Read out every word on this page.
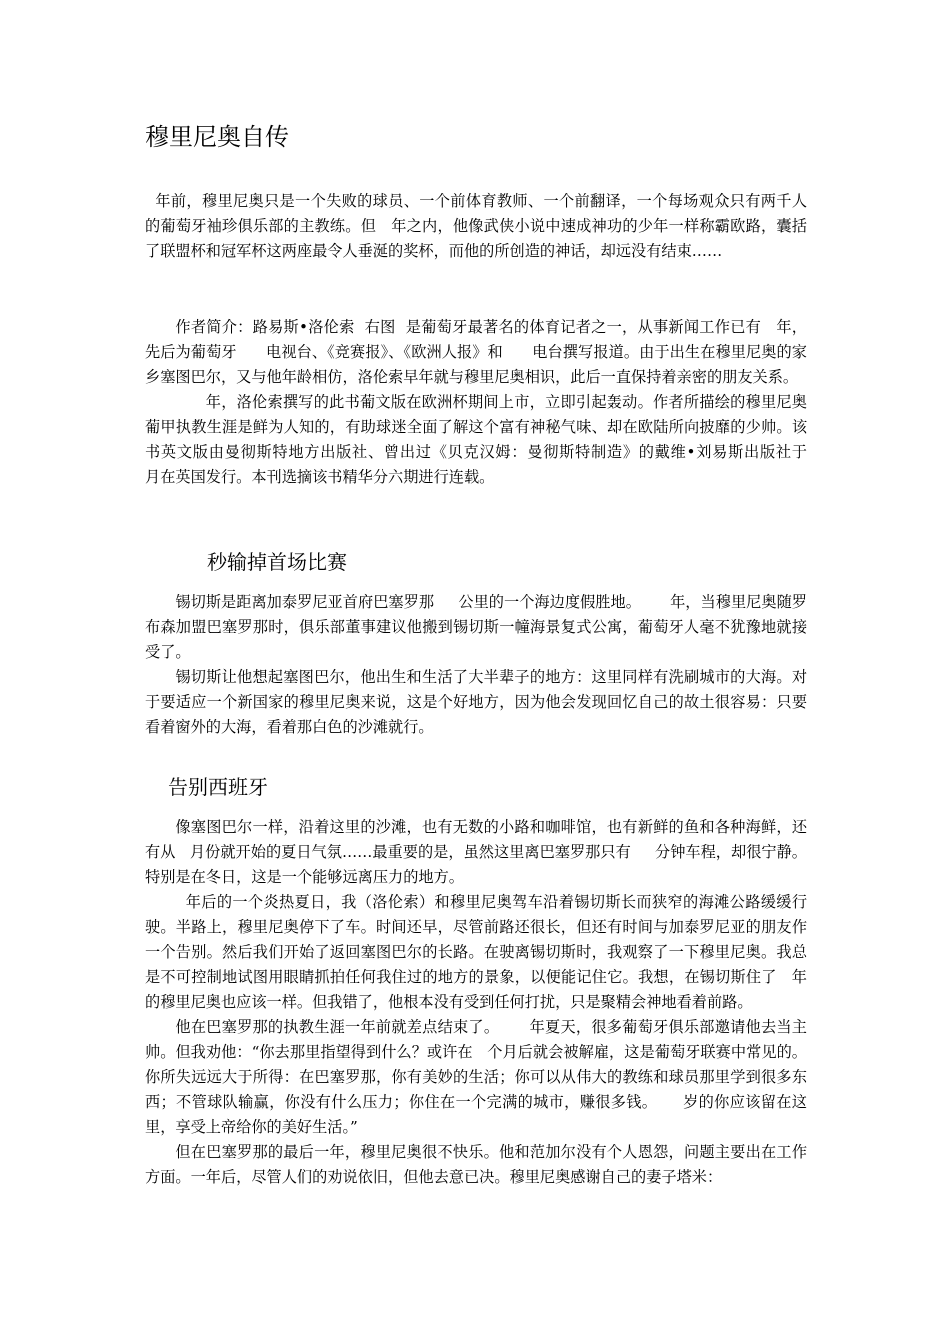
穆里尼奥自传

年前，穆里尼奥只是一个失败的球员、一个前体育教师、一个前翻译，一个每场观众只有两千人的葡萄牙袖珍俱乐部的主教练。但   年之内，他像武侠小说中速成神功的少年一样称霸欧路，囊括了联盟杯和冠军杯这两座最令人垂涎的奖杯，而他的所创造的神话，却远没有结束……

作者简介：路易斯•洛伦索  右图  是葡萄牙最著名的体育记者之一，从事新闻工作已有   年，先后为葡萄牙      电视台、《竞赛报》、《欧洲人报》和      电台撰写报道。由于出生在穆里尼奥的家乡塞图巴尔，又与他年龄相仿，洛伦索早年就与穆里尼奥相识，此后一直保持着亲密的朋友关系。

年，洛伦索撰写的此书葡文版在欧洲杯期间上市，立即引起轰动。作者所描绘的穆里尼奥葡甲执教生涯是鲜为人知的，有助球迷全面了解这个富有神秘气味、却在欧陆所向披靡的少帅。该书英文版由曼彻斯特地方出版社、曾出过《贝克汉姆：曼彻斯特制造》的戴维•刘易斯出版社于     月在英国发行。本刊选摘该书精华分六期进行连载。

秒输掉首场比赛

锡切斯是距离加泰罗尼亚首府巴塞罗那     公里的一个海边度假胜地。      年，当穆里尼奥随罗布森加盟巴塞罗那时，俱乐部董事建议他搬到锡切斯一幢海景复式公寓，葡萄牙人毫不犹豫地就接受了。

锡切斯让他想起塞图巴尔，他出生和生活了大半辈子的地方：这里同样有洗刷城市的大海。对于要适应一个新国家的穆里尼奥来说，这是个好地方，因为他会发现回忆自己的故土很容易：只要看着窗外的大海，看着那白色的沙滩就行。

告别西班牙

像塞图巴尔一样，沿着这里的沙滩，也有无数的小路和咖啡馆，也有新鲜的鱼和各种海鲜，还有从   月份就开始的夏日气氛……最重要的是，虽然这里离巴塞罗那只有     分钟车程，却很宁静。特别是在冬日，这是一个能够远离压力的地方。

年后的一个炎热夏日，我（洛伦索）和穆里尼奥驾车沿着锡切斯长而狭窄的海滩公路缓缓行驶。半路上，穆里尼奥停下了车。时间还早，尽管前路还很长，但还有时间与加泰罗尼亚的朋友作一个告别。然后我们开始了返回塞图巴尔的长路。在驶离锡切斯时，我观察了一下穆里尼奥。我总是不可控制地试图用眼睛抓拍任何我住过的地方的景象，以便能记住它。我想，在锡切斯住了   年的穆里尼奥也应该一样。但我错了，他根本没有受到任何打扰，只是聚精会神地看着前路。

他在巴塞罗那的执教生涯一年前就差点结束了。      年夏天，很多葡萄牙俱乐部邀请他去当主帅。但我劝他：“你去那里指望得到什么？或许在   个月后就会被解雇，这是葡萄牙联赛中常见的。你所失远远大于所得：在巴塞罗那，你有美妙的生活；你可以从伟大的教练和球员那里学到很多东西；不管球队输赢，你没有什么压力；你住在一个完满的城市，赚很多钱。     岁的你应该留在这里，享受上帝给你的美好生活。”

但在巴塞罗那的最后一年，穆里尼奥很不快乐。他和范加尔没有个人恩怨，问题主要出在工作方面。一年后，尽管人们的劝说依旧，但他去意已决。穆里尼奥感谢自己的妻子塔米：
